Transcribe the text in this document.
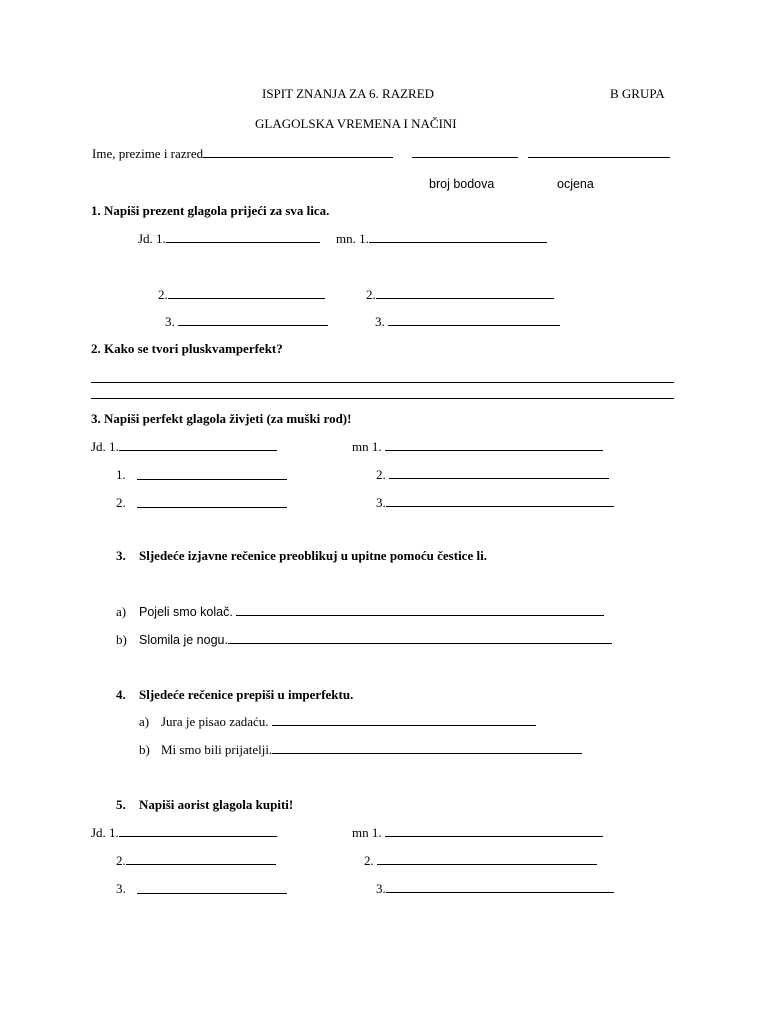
ISPIT ZNANJA ZA 6. RAZRED	B GRUPA
GLAGOLSKA VREMENA I NAČINI
Ime, prezime i razred
broj bodova	ocjena
1. Napiši prezent glagola prijeći za sva lica.
Jd. 1.	mn. 1.
2.	2.
3.	3.
2. Kako se tvori pluskvamperfekt?
3. Napiši perfekt glagola živjeti (za muški rod)!
Jd. 1.	mn 1.
1.	2.
2.	3.
3. Sljedeće izjavne rečenice preoblikuj u upitne pomoću čestice li.
a) Pojeli smo kolač.
b) Slomila je nogu.
4. Sljedeće rečenice prepiši u imperfektu.
a) Jura je pisao zadaću.
b) Mi smo bili prijatelji.
5. Napiši aorist glagola kupiti!
Jd. 1.	mn 1.
2.	2.
3.	3.
